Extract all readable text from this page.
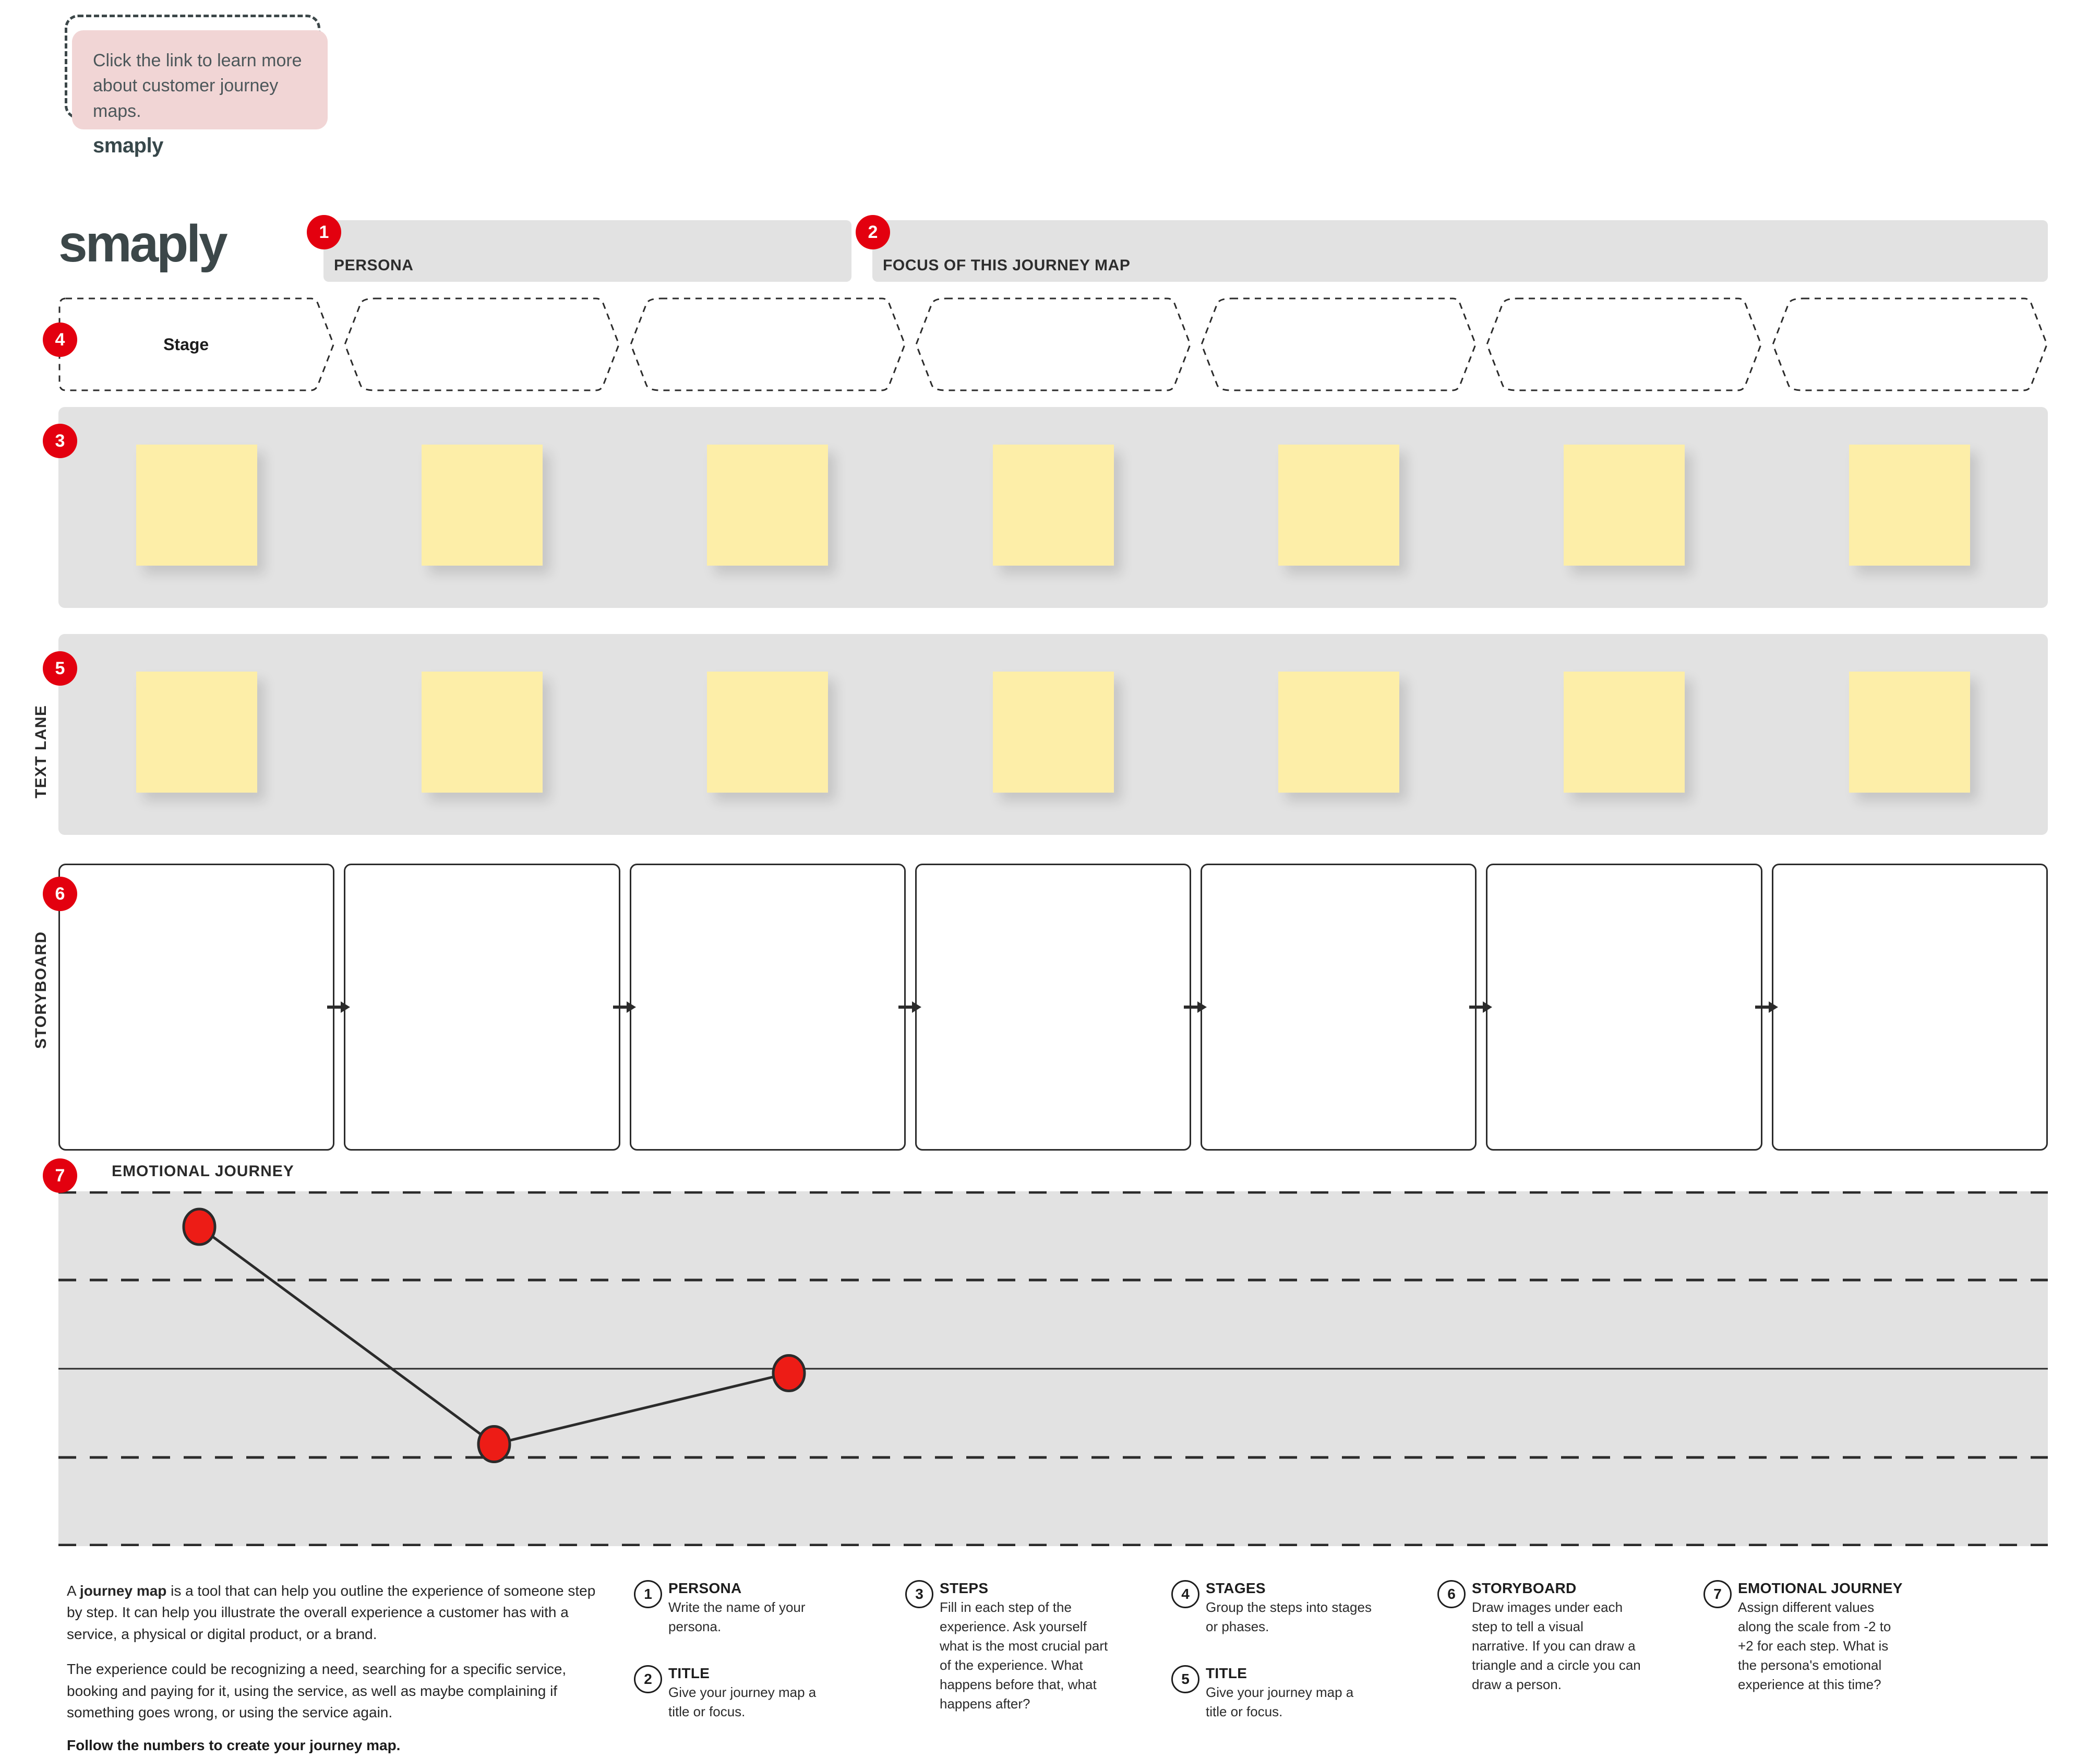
Click the link to learn more about customer journey maps.
smaply
smaply	PERSONA
1
FOCUS OF THIS JOURNEY MAP
2
Stage
4
3
5
TEXT LANE
6
STORYBOARD
7	EMOTIONAL JOURNEY
A journey map is a tool that can help you outline the experience of someone step by step. It can help you illustrate the overall experience a customer has with a service, a physical or digital product, or a brand.
The experience could be recognizing a need, searching for a specific service, booking and paying for it, using the service, as well as maybe complaining if something goes wrong, or using the service again.
Follow the numbers to create your journey map.
1	PERSONA
Write the name of your persona.
2	TITLE
Give your journey map a title or focus.
3	STEPS
Fill in each step of the experience. Ask yourself what is the most crucial part of the experience. What happens before that, what happens after?
4	STAGES
Group the steps into stages or phases.
5	TITLE
Give your journey map a title or focus.
6	STORYBOARD
Draw images under each step to tell a visual narrative. If you can draw a triangle and a circle you can draw a person.
7	EMOTIONAL JOURNEY
Assign different values along the scale from -2 to +2 for each step. What is the persona's emotional experience at this time?
